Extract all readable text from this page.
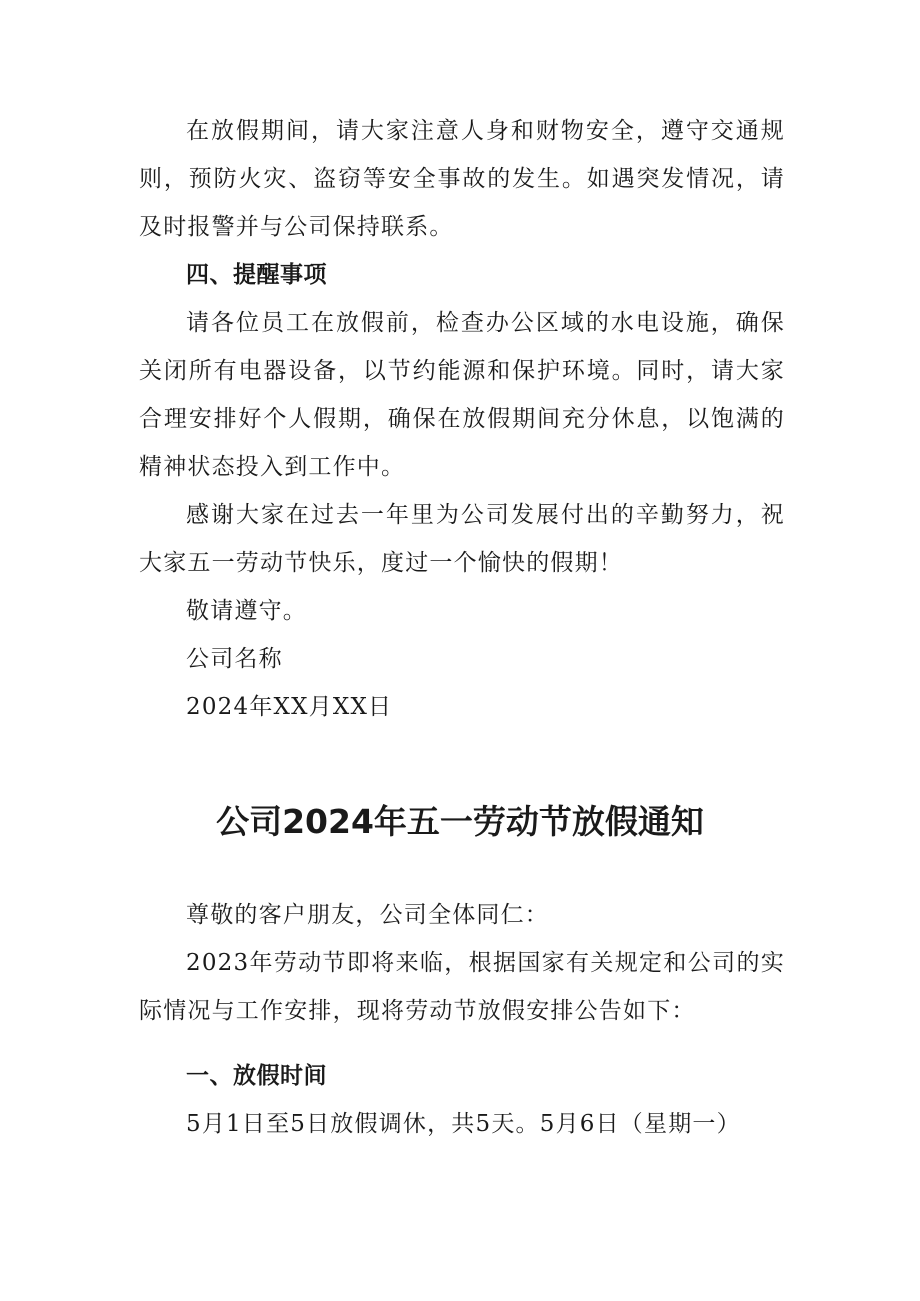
在放假期间，请大家注意人身和财物安全，遵守交通规则，预防火灾、盗窃等安全事故的发生。如遇突发情况，请及时报警并与公司保持联系。

四、提醒事项

请各位员工在放假前，检查办公区域的水电设施，确保关闭所有电器设备，以节约能源和保护环境。同时，请大家合理安排好个人假期，确保在放假期间充分休息，以饱满的精神状态投入到工作中。

感谢大家在过去一年里为公司发展付出的辛勤努力，祝大家五一劳动节快乐，度过一个愉快的假期！

敬请遵守。

公司名称

2024年XX月XX日

公司2024年五一劳动节放假通知

尊敬的客户朋友，公司全体同仁：

2023年劳动节即将来临，根据国家有关规定和公司的实际情况与工作安排，现将劳动节放假安排公告如下：

一、放假时间

5月1日至5日放假调休，共5天。5月6日（星期一）
